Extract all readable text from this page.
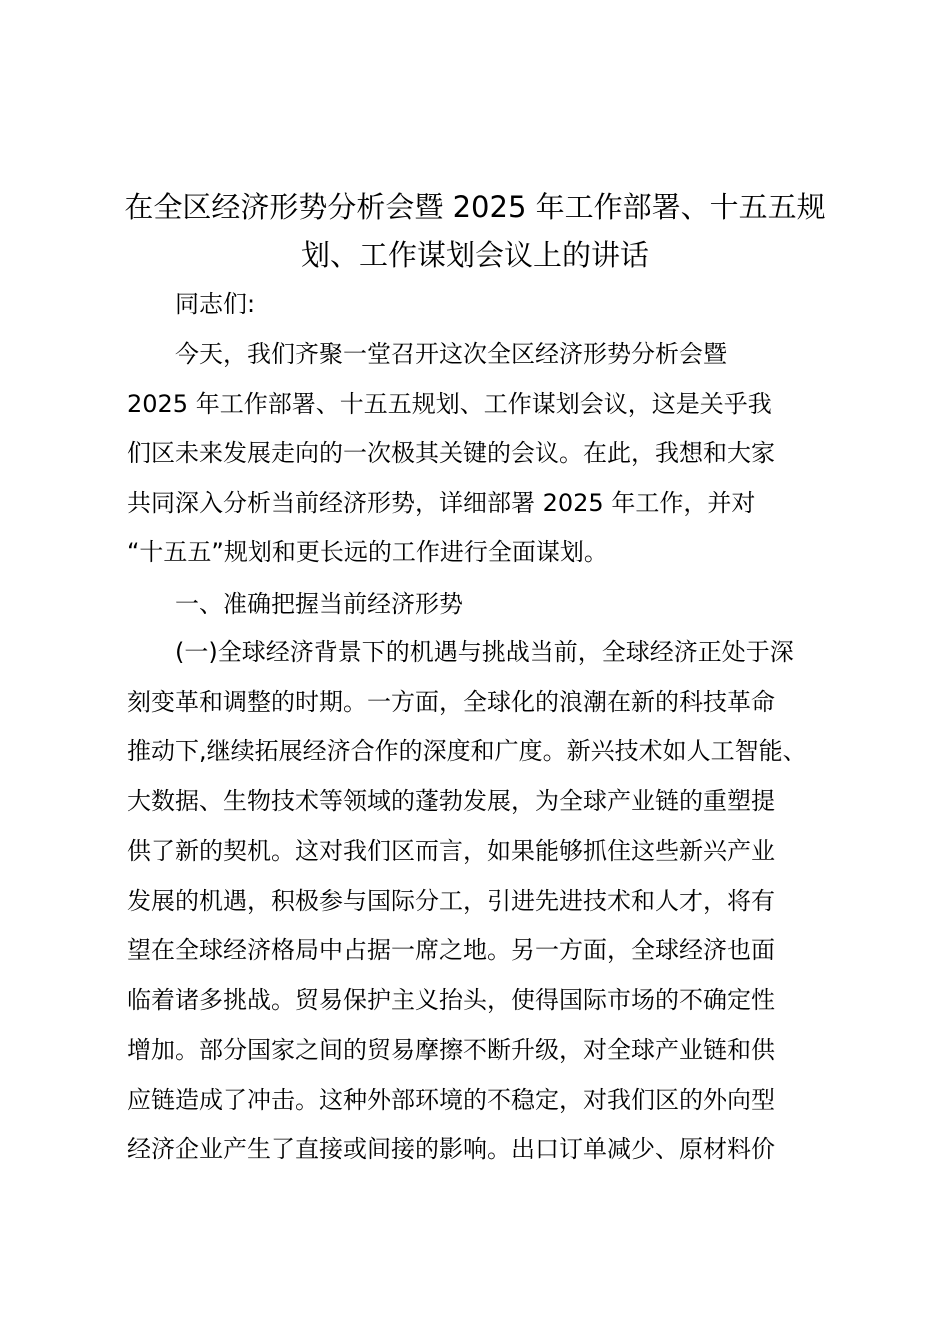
在全区经济形势分析会暨 2025 年工作部署、十五五规
划、工作谋划会议上的讲话

同志们:

今天，我们齐聚一堂召开这次全区经济形势分析会暨

2025 年工作部署、十五五规划、工作谋划会议，这是关乎我

们区未来发展走向的一次极其关键的会议。在此，我想和大家

共同深入分析当前经济形势，详细部署 2025 年工作，并对

“十五五”规划和更长远的工作进行全面谋划。

一、准确把握当前经济形势

(一)全球经济背景下的机遇与挑战当前，全球经济正处于深

刻变革和调整的时期。一方面，全球化的浪潮在新的科技革命

推动下,继续拓展经济合作的深度和广度。新兴技术如人工智能、

大数据、生物技术等领域的蓬勃发展，为全球产业链的重塑提

供了新的契机。这对我们区而言，如果能够抓住这些新兴产业

发展的机遇，积极参与国际分工，引进先进技术和人才，将有

望在全球经济格局中占据一席之地。另一方面，全球经济也面

临着诸多挑战。贸易保护主义抬头，使得国际市场的不确定性

增加。部分国家之间的贸易摩擦不断升级，对全球产业链和供

应链造成了冲击。这种外部环境的不稳定，对我们区的外向型

经济企业产生了直接或间接的影响。出口订单减少、原材料价
